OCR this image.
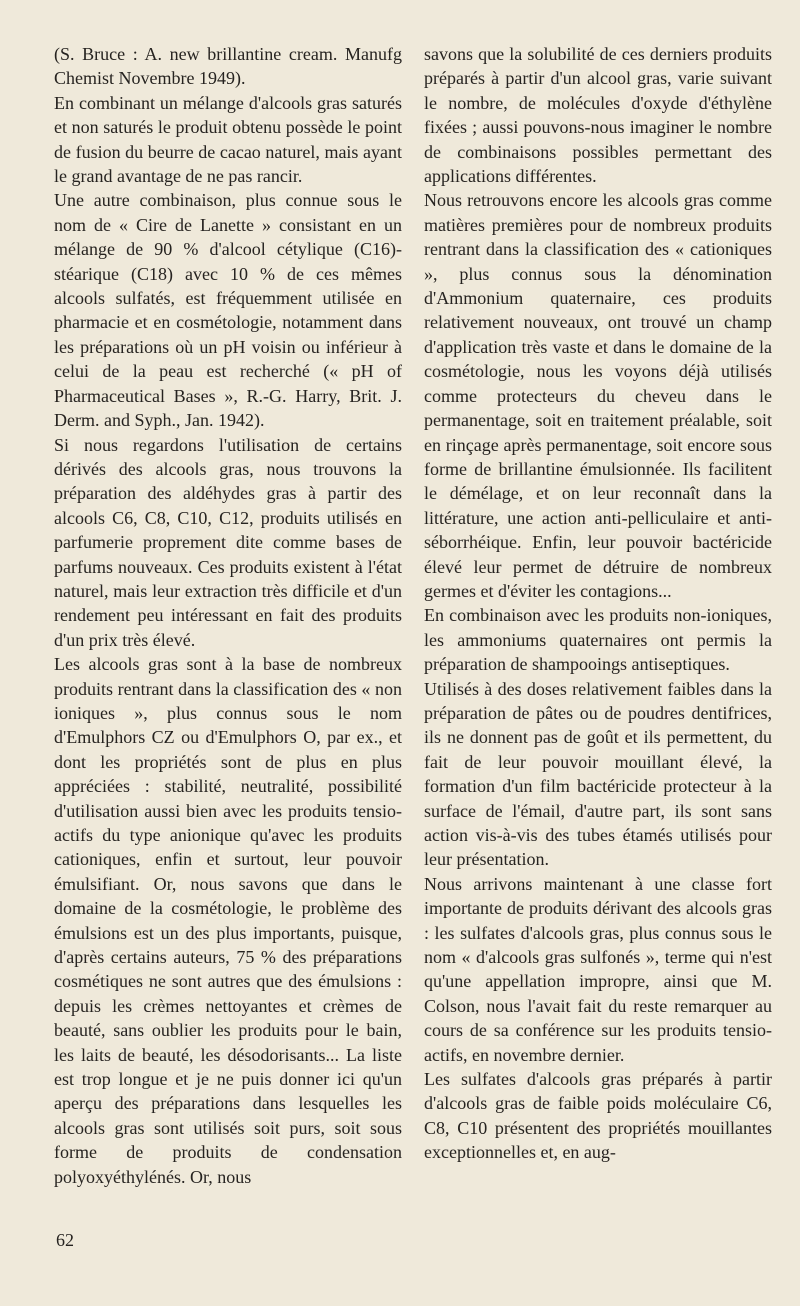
(S. Bruce : A. new brillantine cream. Manufg Chemist Novembre 1949).

En combinant un mélange d'alcools gras saturés et non saturés le produit obtenu possède le point de fusion du beurre de cacao naturel, mais ayant le grand avantage de ne pas rancir.

Une autre combinaison, plus connue sous le nom de « Cire de Lanette » consistant en un mélange de 90 % d'alcool cétylique (C16)-stéarique (C18) avec 10 % de ces mêmes alcools sulfatés, est fréquemment utilisée en pharmacie et en cosmétologie, notamment dans les préparations où un pH voisin ou inférieur à celui de la peau est recherché (« pH of Pharmaceutical Bases », R.-G. Harry, Brit. J. Derm. and Syph., Jan. 1942).

Si nous regardons l'utilisation de certains dérivés des alcools gras, nous trouvons la préparation des aldéhydes gras à partir des alcools C6, C8, C10, C12, produits utilisés en parfumerie proprement dite comme bases de parfums nouveaux. Ces produits existent à l'état naturel, mais leur extraction très difficile et d'un rendement peu intéressant en fait des produits d'un prix très élevé.

Les alcools gras sont à la base de nombreux produits rentrant dans la classification des « non ioniques », plus connus sous le nom d'Emulphors CZ ou d'Emulphors O, par ex., et dont les propriétés sont de plus en plus appréciées : stabilité, neutralité, possibilité d'utilisation aussi bien avec les produits tensio-actifs du type anionique qu'avec les produits cationiques, enfin et surtout, leur pouvoir émulsifiant. Or, nous savons que dans le domaine de la cosmétologie, le problème des émulsions est un des plus importants, puisque, d'après certains auteurs, 75 % des préparations cosmétiques ne sont autres que des émulsions : depuis les crèmes nettoyantes et crèmes de beauté, sans oublier les produits pour le bain, les laits de beauté, les désodorisants... La liste est trop longue et je ne puis donner ici qu'un aperçu des préparations dans lesquelles les alcools gras sont utilisés soit purs, soit sous forme de produits de condensation polyoxyéthylénés. Or, nous

savons que la solubilité de ces derniers produits préparés à partir d'un alcool gras, varie suivant le nombre, de molécules d'oxyde d'éthylène fixées ; aussi pouvons-nous imaginer le nombre de combinaisons possibles permettant des applications différentes.

Nous retrouvons encore les alcools gras comme matières premières pour de nombreux produits rentrant dans la classification des « cationiques », plus connus sous la dénomination d'Ammonium quaternaire, ces produits relativement nouveaux, ont trouvé un champ d'application très vaste et dans le domaine de la cosmétologie, nous les voyons déjà utilisés comme protecteurs du cheveu dans le permanentage, soit en traitement préalable, soit en rinçage après permanentage, soit encore sous forme de brillantine émulsionnée. Ils facilitent le démélage, et on leur reconnaît dans la littérature, une action anti-pelliculaire et anti-séborrhéique. Enfin, leur pouvoir bactéricide élevé leur permet de détruire de nombreux germes et d'éviter les contagions...

En combinaison avec les produits non-ioniques, les ammoniums quaternaires ont permis la préparation de shampooings antiseptiques.

Utilisés à des doses relativement faibles dans la préparation de pâtes ou de poudres dentifrices, ils ne donnent pas de goût et ils permettent, du fait de leur pouvoir mouillant élevé, la formation d'un film bactéricide protecteur à la surface de l'émail, d'autre part, ils sont sans action vis-à-vis des tubes étamés utilisés pour leur présentation.

Nous arrivons maintenant à une classe fort importante de produits dérivant des alcools gras : les sulfates d'alcools gras, plus connus sous le nom « d'alcools gras sulfonés », terme qui n'est qu'une appellation impropre, ainsi que M. Colson, nous l'avait fait du reste remarquer au cours de sa conférence sur les produits tensio-actifs, en novembre dernier.

Les sulfates d'alcools gras préparés à partir d'alcools gras de faible poids moléculaire C6, C8, C10 présentent des propriétés mouillantes exceptionnelles et, en aug-

62
